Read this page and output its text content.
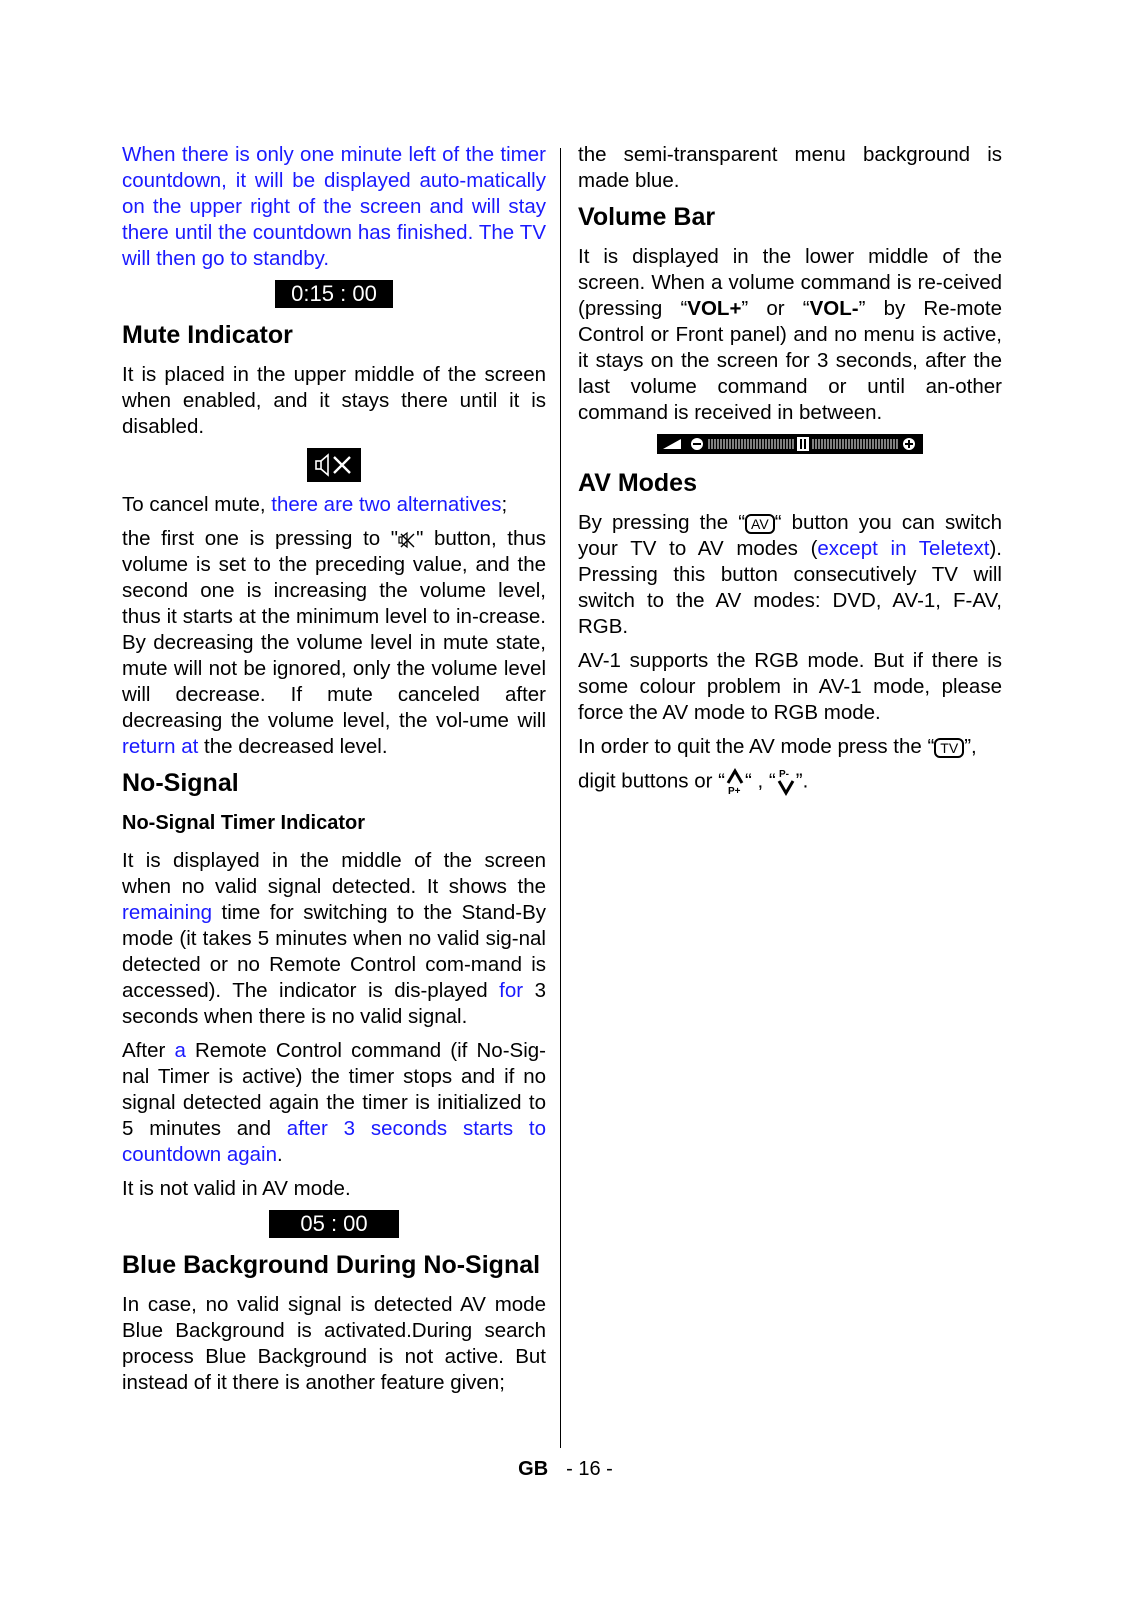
When there is only one minute left of the timer countdown, it will be displayed auto-matically on the upper right of the screen and will stay there until the countdown has finished. The TV will then go to standby.

0:15 : 00
Mute Indicator

It is placed in the upper middle of the screen when enabled, and it stays there until it is disabled.

To cancel mute, there are two alternatives;

the first one is pressing to " " button, thus volume is set to the preceding value, and the second one is increasing the volume level, thus it starts at the minimum level to in-crease. By decreasing the volume level in mute state, mute will not be ignored, only the volume level will decrease. If mute canceled after decreasing the volume level, the vol-ume will return at the decreased level.

No-Signal
No-Signal Timer Indicator

It is displayed in the middle of the screen when no valid signal detected. It shows the remaining time for switching to the Stand-By mode (it takes 5 minutes when no valid sig-nal detected or no Remote Control com-mand is accessed). The indicator is dis-played for 3 seconds when there is no valid signal.

After a Remote Control command (if No-Sig-nal Timer is active) the timer stops and if no signal detected again the timer is initialized to 5 minutes and after 3 seconds starts to countdown again.

It is not valid in AV mode.

05 : 00
Blue Background During No-Signal

In case, no valid signal is detected AV mode Blue Background is activated.During search process Blue Background is not active. But instead of it there is another feature given;

the semi-transparent menu background is made blue.

Volume Bar

It is displayed in the lower middle of the screen. When a volume command is re-ceived (pressing “VOL+” or “VOL-” by Re-mote Control or Front panel) and no menu is active, it stays on the screen for 3 seconds, after the last volume command or until an-other command is received in between.

AV Modes

By pressing the “ AV “ button you can switch your TV to AV modes (except in Teletext). Pressing this button consecutively TV will switch to the AV modes: DVD, AV-1, F-AV, RGB.

AV-1 supports the RGB mode. But if there is some colour problem in AV-1 mode, please force the AV mode to RGB mode.

In order to quit the AV mode press the “ TV ”,

digit buttons or “ P+ “ , “ P- ”.

GB - 16 -
